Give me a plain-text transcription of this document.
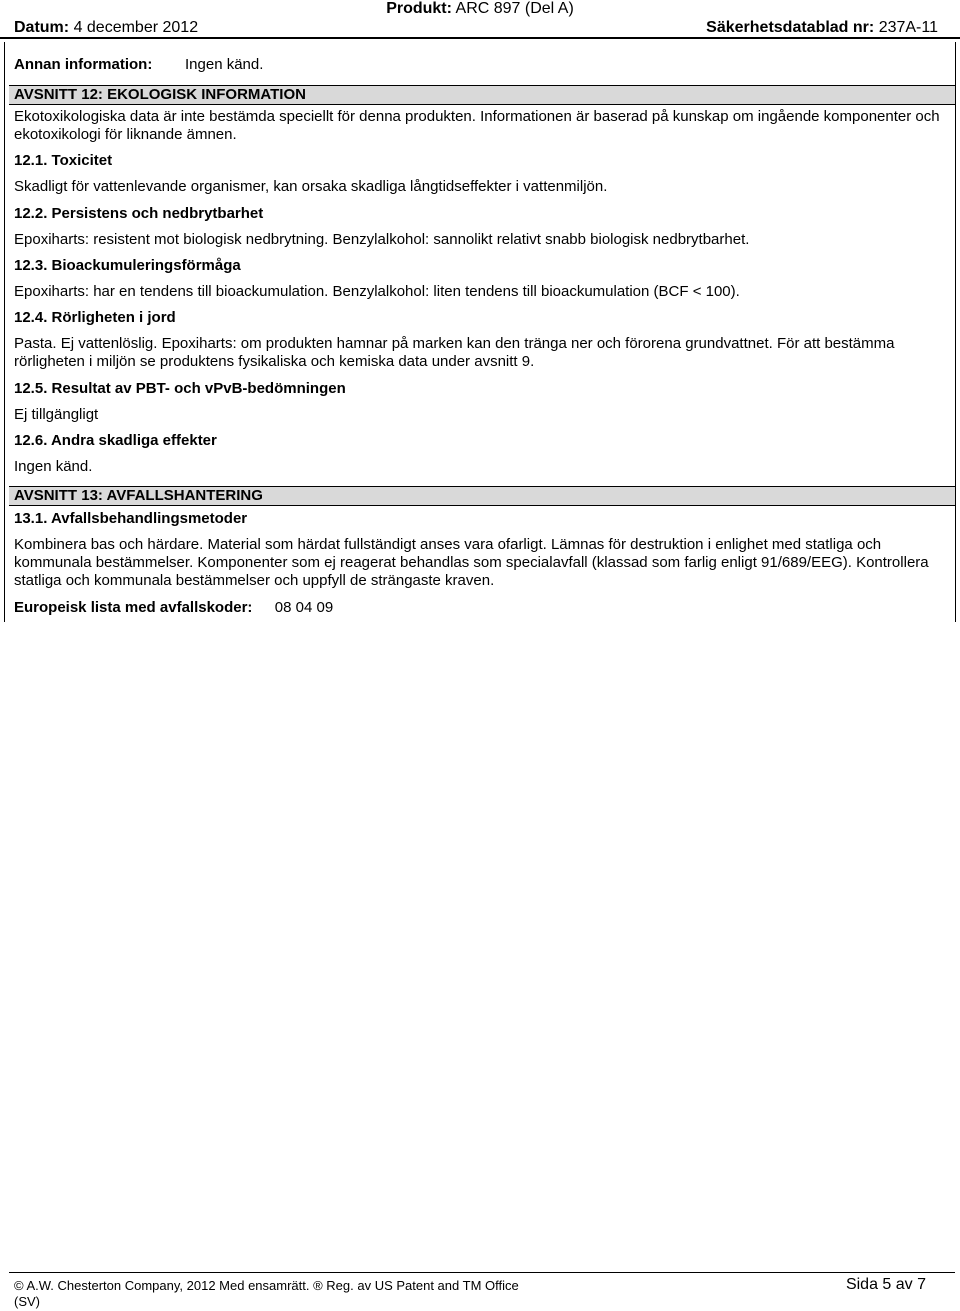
Produkt: ARC 897 (Del A)
Datum: 4 december 2012	Säkerhetsdatablad nr: 237A-11
Annan information: Ingen känd.
AVSNITT 12: EKOLOGISK INFORMATION
Ekotoxikologiska data är inte bestämda speciellt för denna produkten. Informationen är baserad på kunskap om ingående komponenter och ekotoxikologi för liknande ämnen.
12.1. Toxicitet
Skadligt för vattenlevande organismer, kan orsaka skadliga långtidseffekter i vattenmiljön.
12.2. Persistens och nedbrytbarhet
Epoxiharts: resistent mot biologisk nedbrytning. Benzylalkohol: sannolikt relativt snabb biologisk nedbrytbarhet.
12.3. Bioackumuleringsförmåga
Epoxiharts: har en tendens till bioackumulation. Benzylalkohol: liten tendens till bioackumulation (BCF < 100).
12.4. Rörligheten i jord
Pasta. Ej vattenlöslig. Epoxiharts: om produkten hamnar på marken kan den tränga ner och förorena grundvattnet. För att bestämma rörligheten i miljön se produktens fysikaliska och kemiska data under avsnitt 9.
12.5. Resultat av PBT- och vPvB-bedömningen
Ej tillgängligt
12.6. Andra skadliga effekter
Ingen känd.
AVSNITT 13: AVFALLSHANTERING
13.1. Avfallsbehandlingsmetoder
Kombinera bas och härdare. Material som härdat fullständigt anses vara ofarligt. Lämnas för destruktion i enlighet med statliga och kommunala bestämmelser. Komponenter som ej reagerat behandlas som specialavfall (klassad som farlig enligt 91/689/EEG). Kontrollera statliga och kommunala bestämmelser och uppfyll de strängaste kraven.
Europeisk lista med avfallskoder: 08 04 09
© A.W. Chesterton Company, 2012 Med ensamrätt. ® Reg. av US Patent and TM Office
(SV)
Sida 5 av 7
